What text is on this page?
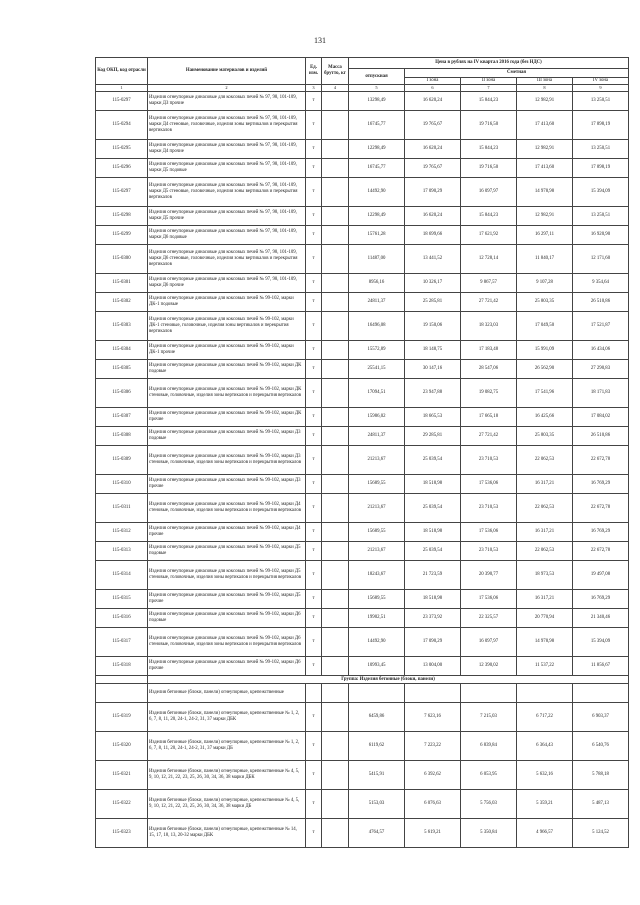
131
Код ОКП, код отрасли	Наименование материалов и изделий	Ед. изм.	Масса брутто, кг	Цена в рублях на IV квартал 2016 года (без НДС)				
				отпускная	Сметная			
					I зона	II зона	III зона	IV зона
1	2	3	4	5	6	7	8	9
115-0297	Изделия огнеупорные динасовые для коксовых печей № 97, 98, 101-109, марки ДЗ прочие	т		13298,49	16 620,24	15 844,23	12 982,91	13 250,51
115-0294	Изделия огнеупорные динасовые для коксовых печей № 97, 98, 101-109, марки Д4 стеновые, головочные, изделия зоны вертикалов и перекрытия вертикалов	т		16745,77	19 765,67	19 716,50	17 413,60	17 898,19
115-0295	Изделия огнеупорные динасовые для коксовых печей № 97, 98, 101-109, марки Д4 прочие	т		12298,49	16 620,24	15 844,23	12 982,91	13 250,51
115-0296	Изделия огнеупорные динасовые для коксовых печей № 97, 98, 101-109, марки Д5 подовые	т		16745,77	19 765,67	19 716,50	17 413,60	17 898,19
115-0297	Изделия огнеупорные динасовые для коксовых печей № 97, 98, 101-109, марки Д5 стеновые, головочные, изделия зоны вертикалов и перекрытия вертикалов	т		14492,90	17 090,29	16 097,97	14 978,98	15 394,09
115-0298	Изделия огнеупорные динасовые для коксовых печей № 97, 98, 101-109, марки Д5 прочие	т		12298,49	16 620,24	15 844,23	12 982,91	13 250,51
115-0299	Изделия огнеупорные динасовые для коксовых печей № 97, 98, 101-109, марки Д6 подовые	т		15761,28	18 699,66	17 621,92	16 297,11	16 920,90
115-0300	Изделия огнеупорные динасовые для коксовых печей № 97, 98, 101-109, марки Д6 стеновые, головочные, изделия зоны вертикалов и перекрытия вертикалов	т		11487,00	13 441,52	12 728,14	11 840,17	12 171,60
115-0301	Изделия огнеупорные динасовые для коксовых печей № 97, 98, 101-109, марки Д6 прочие	т		8956,16	10 326,17	9 867,57	9 107,28	9 354,64
115-0302	Изделия огнеупорные динасовые для коксовых печей № 99-102, марки ДК-1 подовые	т		24811,37	25 285,81	27 721,42	25 803,35	26 510,86
115-0303	Изделия огнеупорные динасовые для коксовых печей № 99-102, марки ДК-1 стеновые, головочные, изделия зоны вертикалов и перекрытия вертикалов	т		16496,08	19 150,06	18 323,03	17 049,50	17 521,87
115-0304	Изделия огнеупорные динасовые для коксовых печей № 99-102, марки ДК-1 прочие	т		15572,89	18 148,75	17 183,48	15 991,09	16 434,06
115-0305	Изделия огнеупорные динасовые для коксовых печей № 99-102, марки ДК подовые	т		25541,15	30 147,16	28 547,06	26 562,90	27 290,83
115-0306	Изделия огнеупорные динасовые для коксовых печей № 99-102, марки ДК стеновые, головочные, изделия зоны вертикалов и перекрытия вертикалов	т		17094,51	23 947,88	19 082,75	17 541,96	18 171,83
115-0307	Изделия огнеупорные динасовые для коксовых печей № 99-102, марки ДК прочие	т		15986,02	18 665,53	17 665,18	16 425,66	17 084,02
115-0308	Изделия огнеупорные динасовые для коксовых печей № 99-102, марки Д3 подовые	т		24811,37	29 285,81	27 721,42	25 803,35	26 510,86
115-0309	Изделия огнеупорные динасовые для коксовых печей № 99-102, марки Д3 стеновые, головочные, изделия зоны вертикалов и перекрытия вертикалов	т		21213,67	25 039,54	23 710,53	22 062,53	22 672,78
115-0310	Изделия огнеупорные динасовые для коксовых печей № 99-102, марки Д3 прочие	т		15689,55	18 518,98	17 536,06	16 317,21	16 769,29
115-0311	Изделия огнеупорные динасовые для коксовых печей № 99-102, марки Д4 стеновые, головочные, изделия зоны вертикалов и перекрытия вертикалов	т		21213,67	25 039,54	23 710,53	22 062,53	22 672,78
115-0312	Изделия огнеупорные динасовые для коксовых печей № 99-102, марки Д4 прочие	т		15689,55	18 518,98	17 536,06	16 317,21	16 769,29
115-0313	Изделия огнеупорные динасовые для коксовых печей № 99-102, марки Д5 подовые	т		21213,67	25 039,54	23 710,53	22 062,53	22 672,78
115-0314	Изделия огнеупорные динасовые для коксовых печей № 99-102, марки Д5 стеновые, головочные, изделия зоны вертикалов и перекрытия вертикалов	т		18243,67	21 723,59	20 390,77	18 973,53	19 497,08
115-0315	Изделия огнеупорные динасовые для коксовых печей № 99-102, марки Д5 прочие	т		15689,55	18 518,98	17 536,06	16 317,21	16 769,29
115-0316	Изделия огнеупорные динасовые для коксовых печей № 99-102, марки Д6 подовые	т		19902,51	23 373,92	22 325,57	20 770,94	21 340,46
115-0317	Изделия огнеупорные динасовые для коксовых печей № 99-102, марки Д6 стеновые, головочные, изделия зоны вертикалов и перекрытия вертикалов	т		14492,90	17 090,29	16 097,97	14 978,98	15 394,09
115-0318	Изделия огнеупорные динасовые для коксовых печей № 99-102, марки Д6 прочие	т		10993,45	13 004,00	12 390,02	11 537,22	11 856,67
	Группа: Изделия бетонные (блоки, панели)							
	Изделия бетонные (блоки, панели) огнеупорные, крепежственные							
115-0319	Изделия бетонные (блоки, панели) огнеупорные, крепежственные № 1, 2, 6, 7, 8, 11, 20, 24-1, 24-2, 31, 37 марки ДБК	т		6459,86	7 623,16	7 215,03	6 717,22	6 903,37
115-0320	Изделия бетонные (блоки, панели) огнеупорные, крепежственные № 1, 2, 6, 7, 8, 11, 20, 24-1, 24-2, 31, 37 марки ДБ	т		6119,62	7 223,22	6 839,84	6 364,43	6 540,76
115-0321	Изделия бетонные (блоки, панели) огнеупорные, крепежственные № 4, 5, 9, 10, 12, 21, 22, 23, 25, 26, 30, 34, 36, 38 марки ДБК	т		5415,91	6 392,62	6 053,95	5 632,16	5 788,18
115-0322	Изделия бетонные (блоки, панели) огнеупорные, крепежственные № 4, 5, 9, 10, 12, 21, 22, 23, 25, 26, 30, 34, 36, 38 марки ДБ	т		5153,03	6 076,63	5 756,03	5 359,21	5 487,13
115-0323	Изделия бетонные (блоки, панели) огнеупорные, крепежственные № 14, 15, 17, 18, 13, 20-32 марки ДБК	т		4764,57	5 619,21	5 350,84	4 966,57	5 124,52
